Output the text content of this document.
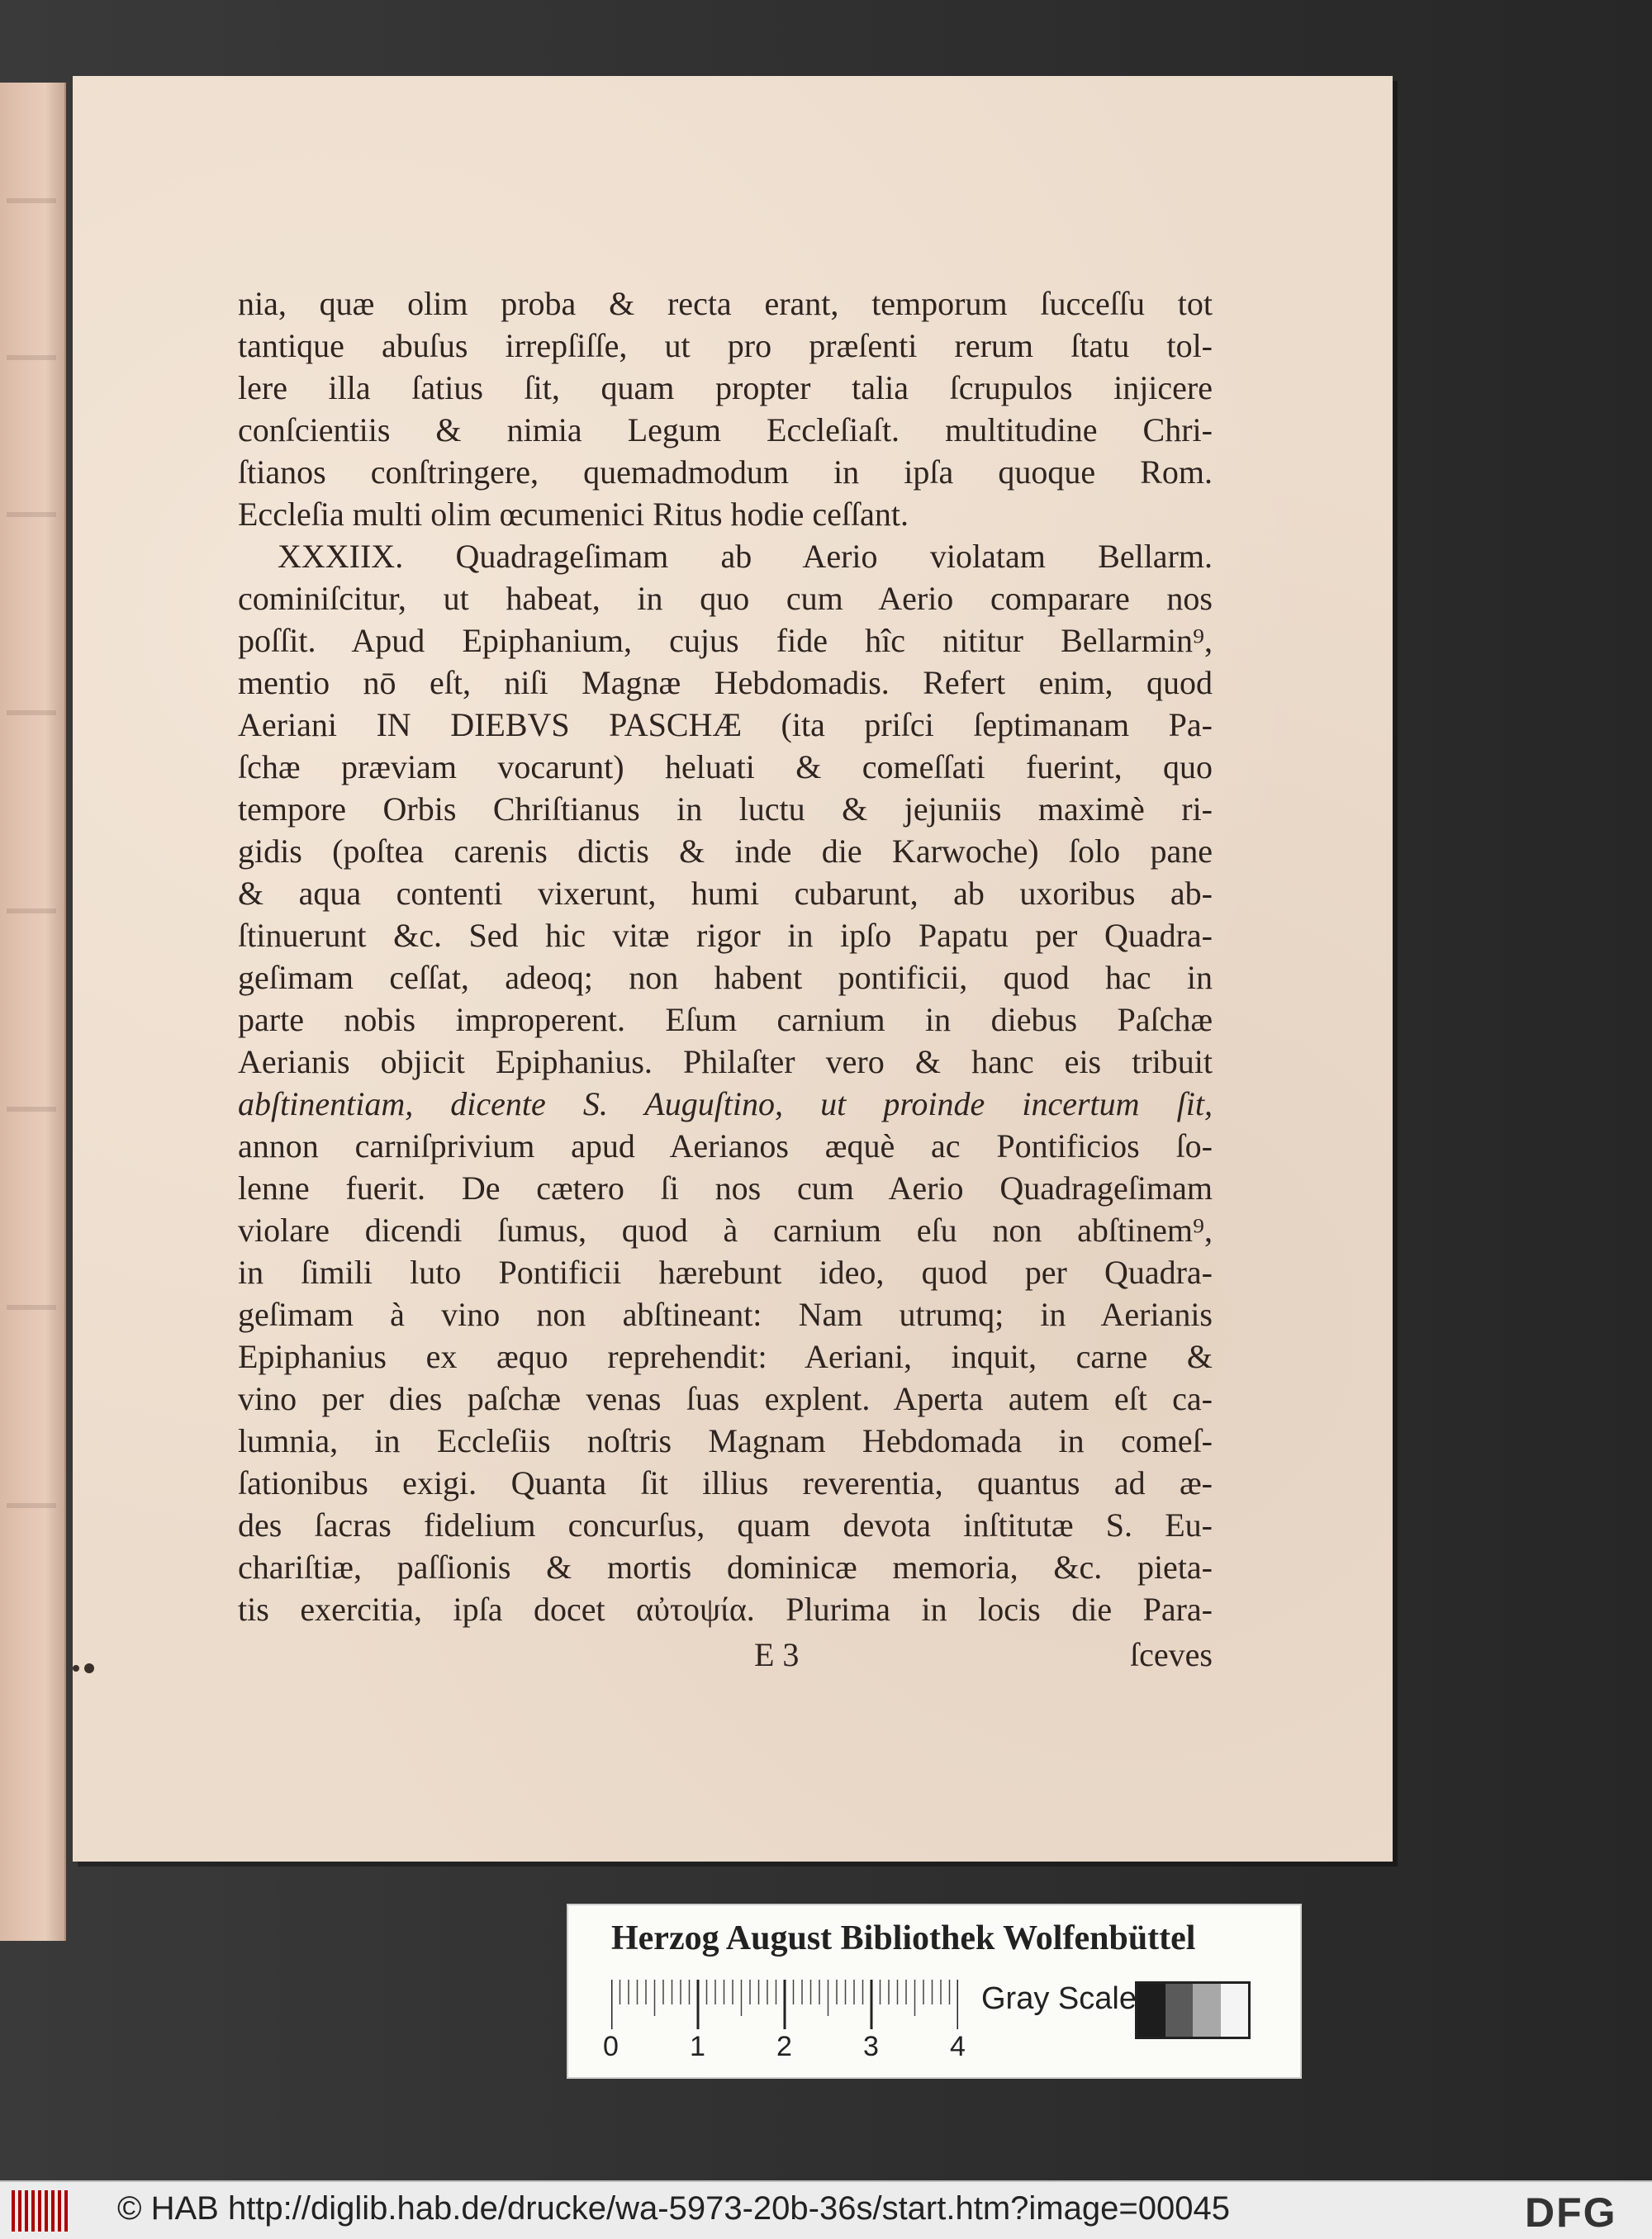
nia, quæ olim proba & recta erant, temporum ſucceſſu tot
tantique abuſus irrepſiſſe, ut pro præſenti rerum ſtatu tol-
lere illa ſatius ſit, quam propter talia ſcrupulos injicere
conſcientiis & nimia Legum Eccleſiaſt. multitudine Chri-
ſtianos conſtringere, quemadmodum in ipſa quoque Rom.
Eccleſia multi olim œcumenici Ritus hodie ceſſant.
XXXIIX. Quadrageſimam ab Aerio violatam Bellarm.
cominiſcitur, ut habeat, in quo cum Aerio comparare nos
poſſit. Apud Epiphanium, cujus fide hîc nititur Bellarmin⁹,
mentio nō eſt, niſi Magnæ Hebdomadis. Refert enim, quod
Aeriani IN DIEBVS PASCHÆ (ita priſci ſeptimanam Pa-
ſchæ præviam vocarunt) heluati & comeſſati fuerint, quo
tempore Orbis Chriſtianus in luctu & jejuniis maximè ri-
gidis (poſtea carenis dictis & inde die Karwoche) ſolo pane
& aqua contenti vixerunt, humi cubarunt, ab uxoribus ab-
ſtinuerunt &c. Sed hic vitæ rigor in ipſo Papatu per Quadra-
geſimam ceſſat, adeoq; non habent pontificii, quod hac in
parte nobis improperent. Eſum carnium in diebus Paſchæ
Aerianis objicit Epiphanius. Philaſter vero & hanc eis tribuit
abſtinentiam, dicente S. Auguſtino, ut proinde incertum ſit,
annon carniſprivium apud Aerianos æquè ac Pontificios ſo-
lenne fuerit. De cætero ſi nos cum Aerio Quadrageſimam
violare dicendi ſumus, quod à carnium eſu non abſtinem⁹,
in ſimili luto Pontificii hærebunt ideo, quod per Quadra-
geſimam à vino non abſtineant: Nam utrumq; in Aerianis
Epiphanius ex æquo reprehendit: Aeriani, inquit, carne &
vino per dies paſchæ venas ſuas explent. Aperta autem eſt ca-
lumnia, in Eccleſiis noſtris Magnam Hebdomada in comeſ-
ſationibus exigi. Quanta ſit illius reverentia, quantus ad æ-
des ſacras fidelium concurſus, quam devota inſtitutæ S. Eu-
chariſtiæ, paſſionis & mortis dominicæ memoria, &c. pieta-
tis exercitia, ipſa docet αὐτοψία. Plurima in locis die Para-
E 3	ſceves
Herzog August Bibliothek Wolfenbüttel
0	1	2	3	4
Gray Scale
© HAB http://diglib.hab.de/drucke/wa-5973-20b-36s/start.htm?image=00045	DFG
